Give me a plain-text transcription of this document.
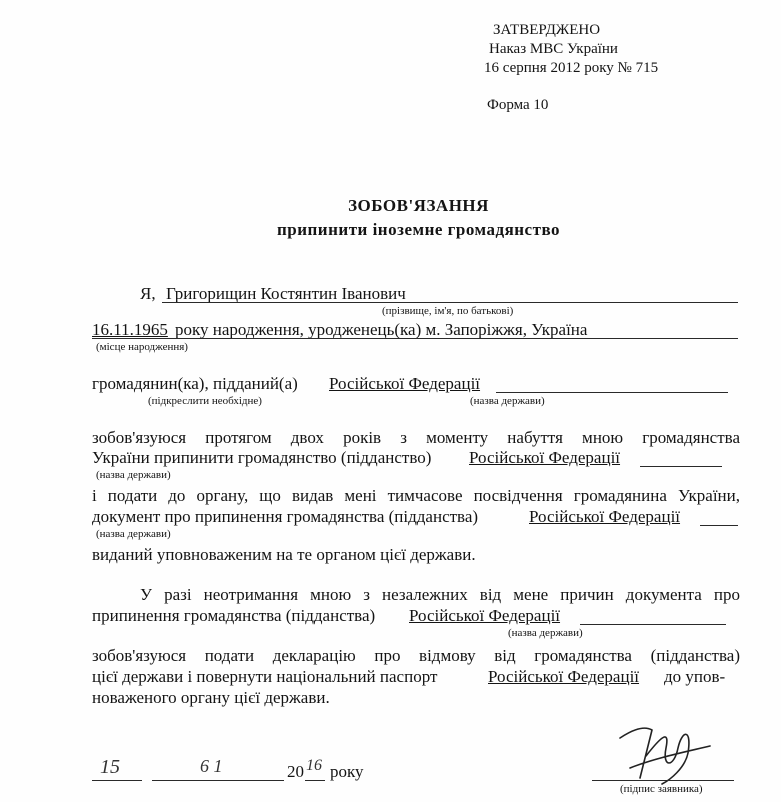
ЗАТВЕРДЖЕНО
Наказ МВС України
16 серпня 2012 року № 715
Форма 10
ЗОБОВ'ЯЗАННЯ
припинити іноземне громадянство
Я, Григорищин Костянтин Іванович
(прізвище, ім'я, по батькові)
16.11.1965 року народження, уродженець(ка) м. Запоріжжя, Україна
(місце народження)
громадянин(ка), підданий(а) Російської Федерації
(підкреслити необхідне)	(назва держави)
зобов'язуюся протягом двох років з моменту набуття мною громадянства
України припинити громадянство (підданство) Російської Федерації
(назва держави)
і подати до органу, що видав мені тимчасове посвідчення громадянина України,
документ про припинення громадянства (підданства)	Російської Федерації
(назва держави)
виданий уповноваженим на те органом цієї держави.
У разі неотримання мною з незалежних від мене причин документа про
припинення громадянства (підданства) Російської Федерації
(назва держави)
зобов'язуюся подати декларацію про відмову від громадянства (підданства)
цієї держави і повернути національний паспорт	Російської Федерації до упов-
новаженого органу цієї держави.
15	6 1	20 16 року
(підпис заявника)
